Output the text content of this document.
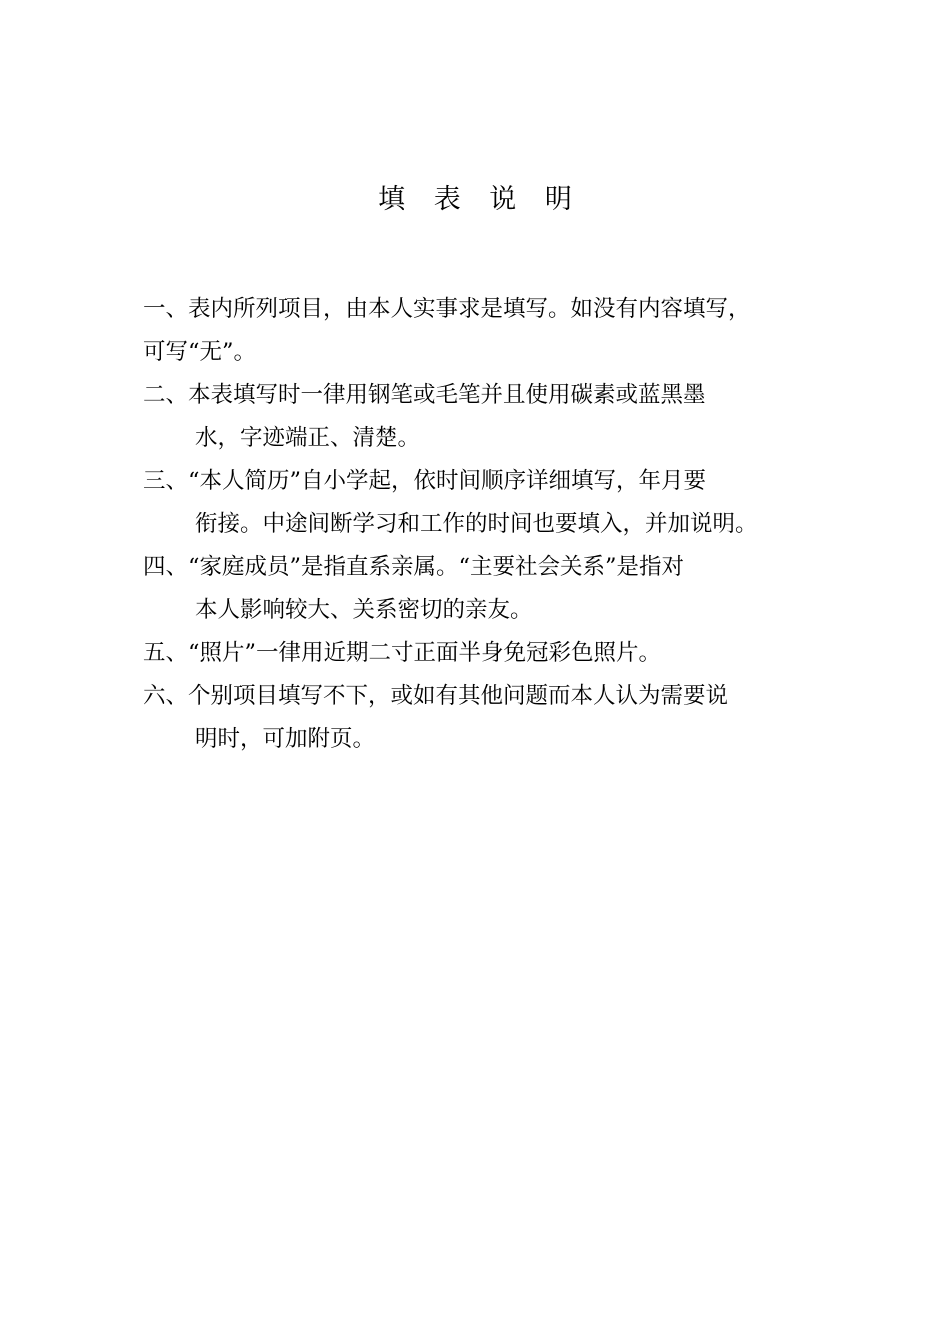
填 表 说 明
一、表内所列项目，由本人实事求是填写。如没有内容填写，
可写“无”。
二、本表填写时一律用钢笔或毛笔并且使用碳素或蓝黑墨
水，字迹端正、清楚。
三、“本人简历”自小学起，依时间顺序详细填写，年月要
衔接。中途间断学习和工作的时间也要填入，并加说明。
四、“家庭成员”是指直系亲属。“主要社会关系”是指对
本人影响较大、关系密切的亲友。
五、“照片”一律用近期二寸正面半身免冠彩色照片。
六、个别项目填写不下，或如有其他问题而本人认为需要说
明时，可加附页。
